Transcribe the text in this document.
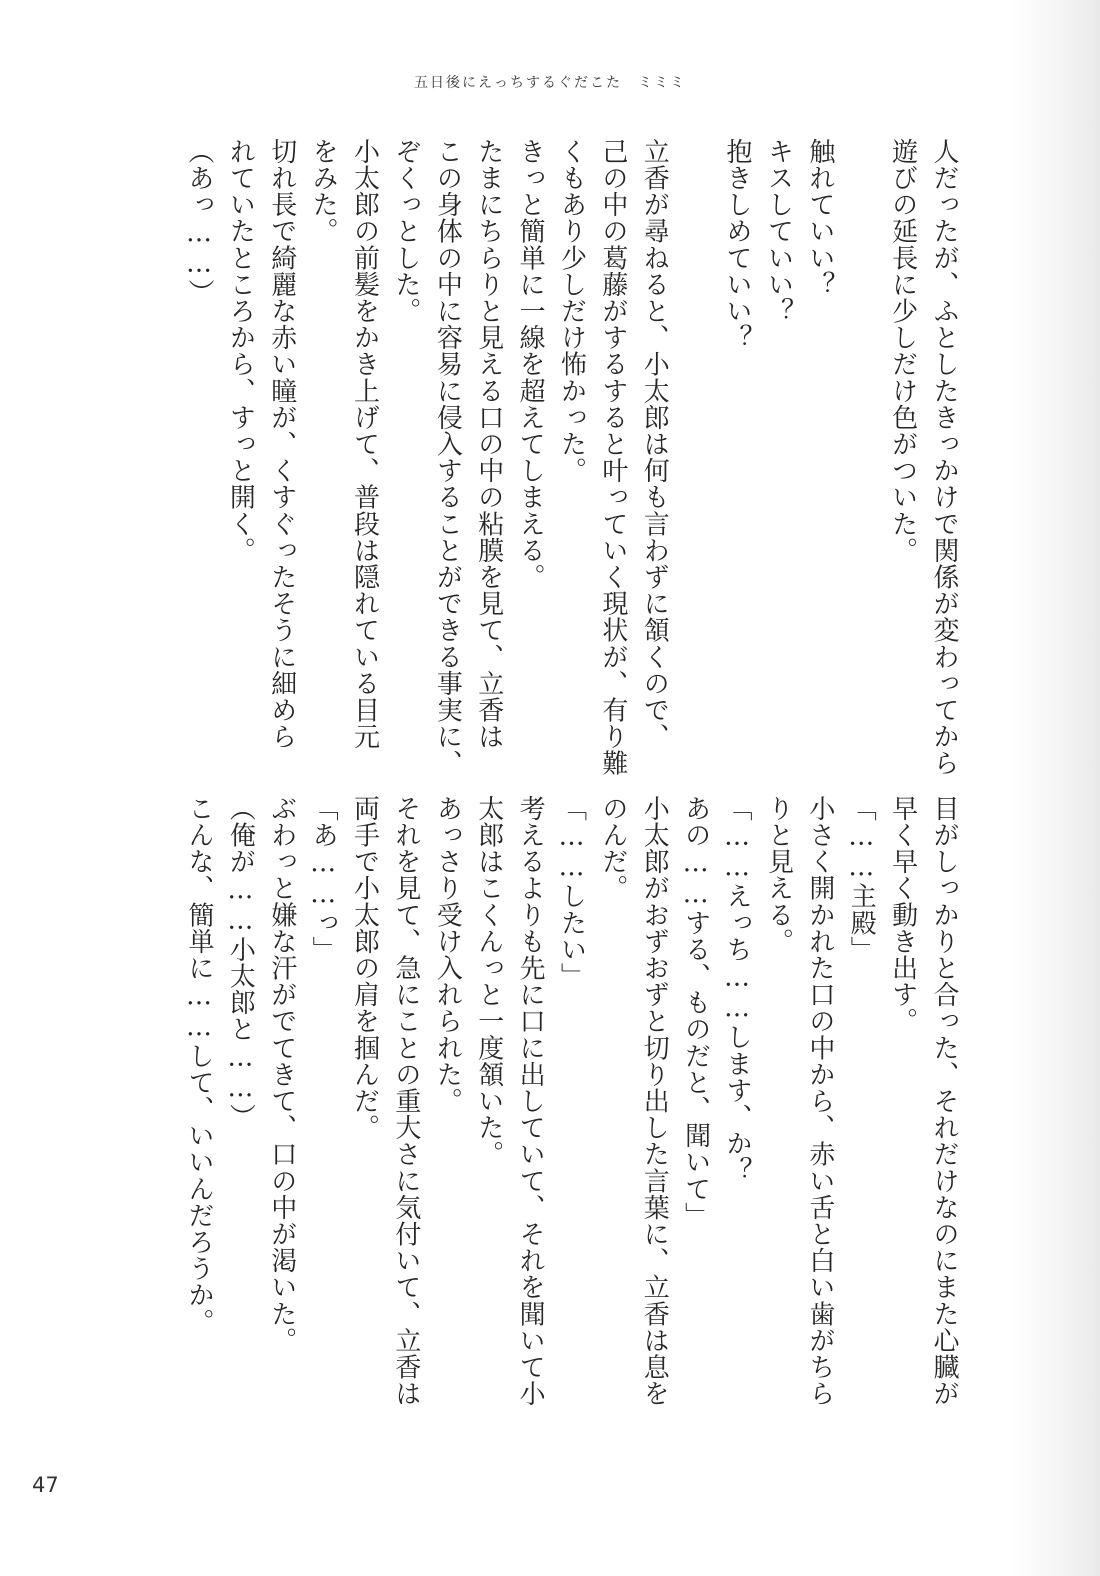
五日後にえっちするぐだこた　ミミミ
人だったが、ふとしたきっかけで関係が変わってから
遊びの延長に少しだけ色がついた。
触れていい？
キスしていい？
抱きしめていい？
立香が尋ねると、小太郎は何も言わずに頷くので、
己の中の葛藤がするすると叶っていく現状が、有り難
くもあり少しだけ怖かった。
きっと簡単に一線を超えてしまえる。
たまにちらりと見える口の中の粘膜を見て、立香は
この身体の中に容易に侵入することができる事実に、
ぞくっとした。
小太郎の前髪をかき上げて、普段は隠れている目元
をみた。
切れ長で綺麗な赤い瞳が、くすぐったそうに細めら
れていたところから、すっと開く。
（あっ……）
目がしっかりと合った、それだけなのにまた心臓が
早く早く動き出す。
「……主殿」
小さく開かれた口の中から、赤い舌と白い歯がちら
りと見える。
「……えっち……します、か？
あの……する、ものだと、聞いて」
小太郎がおずおずと切り出した言葉に、立香は息を
のんだ。
「……したい」
考えるよりも先に口に出していて、それを聞いて小
太郎はこくんっと一度頷いた。
あっさり受け入れられた。
それを見て、急にことの重大さに気付いて、立香は
両手で小太郎の肩を掴んだ。
「あ……っ」
ぶわっと嫌な汗がでてきて、口の中が渇いた。
（俺が……小太郎と……）
こんな、簡単に……して、いいんだろうか。
47
